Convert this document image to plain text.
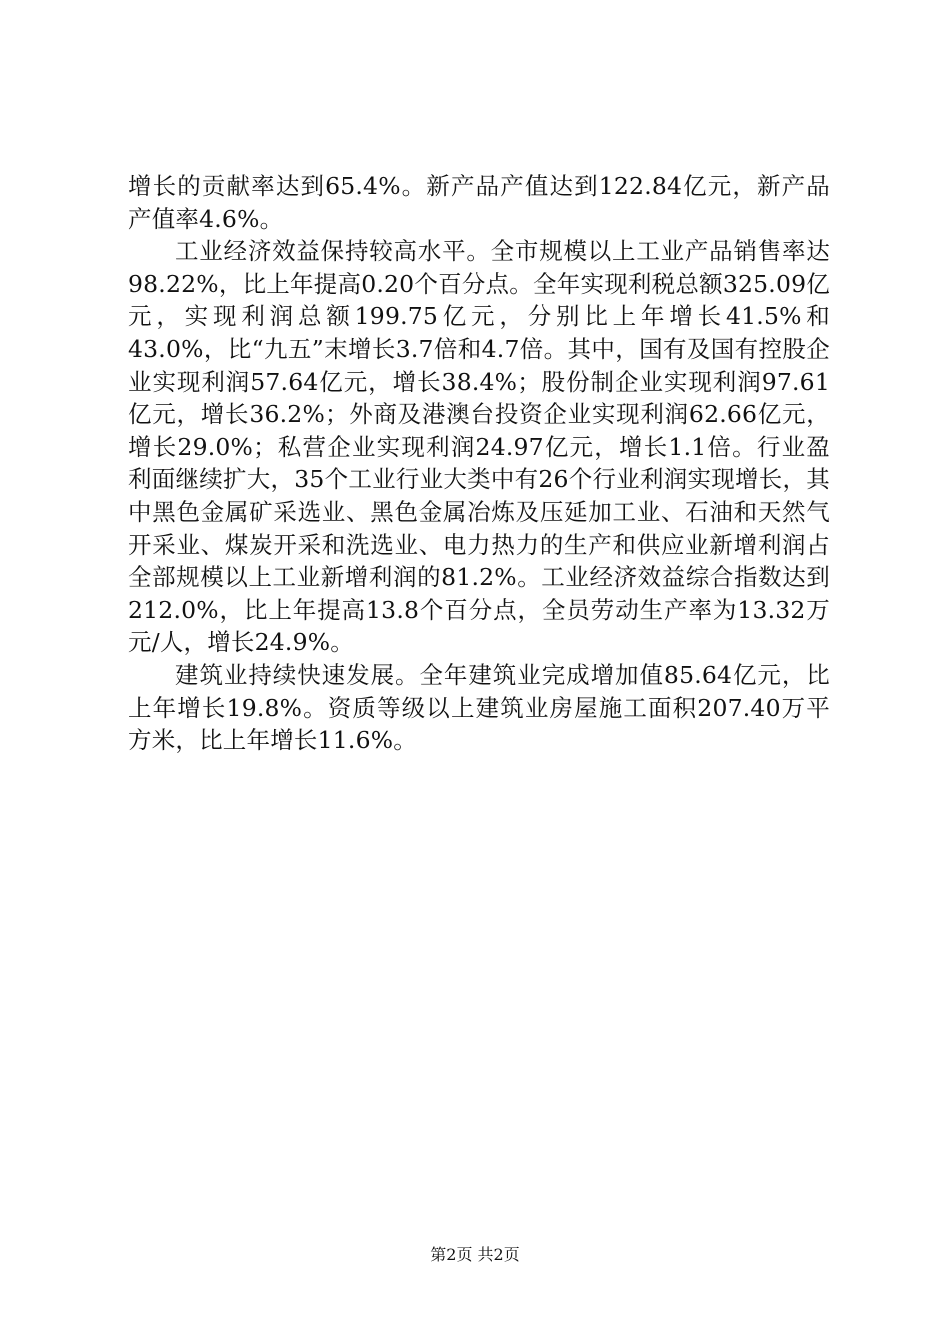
增长的贡献率达到65.4%。新产品产值达到122.84亿元，新产品产值率4.6%。

工业经济效益保持较高水平。全市规模以上工业产品销售率达98.22%，比上年提高0.20个百分点。全年实现利税总额325.09亿元，实现利润总额199.75亿元，分别比上年增长41.5%和43.0%，比“九五”末增长3.7倍和4.7倍。其中，国有及国有控股企业实现利润57.64亿元，增长38.4%；股份制企业实现利润97.61亿元，增长36.2%；外商及港澳台投资企业实现利润62.66亿元，增长29.0%；私营企业实现利润24.97亿元，增长1.1倍。行业盈利面继续扩大，35个工业行业大类中有26个行业利润实现增长，其中黑色金属矿采选业、黑色金属冶炼及压延加工业、石油和天然气开采业、煤炭开采和洗选业、电力热力的生产和供应业新增利润占全部规模以上工业新增利润的81.2%。工业经济效益综合指数达到212.0%，比上年提高13.8个百分点，全员劳动生产率为13.32万元/人，增长24.9%。

建筑业持续快速发展。全年建筑业完成增加值85.64亿元，比上年增长19.8%。资质等级以上建筑业房屋施工面积207.40万平方米，比上年增长11.6%。

第2页 共2页
